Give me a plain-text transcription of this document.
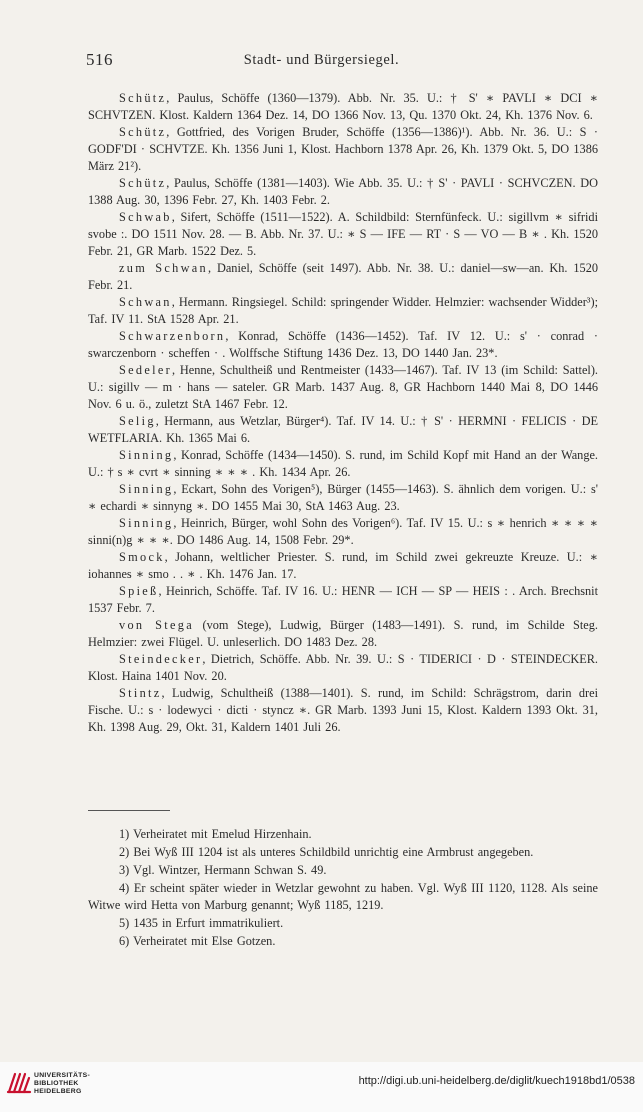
516	Stadt- und Bürgersiegel.

Schütz, Paulus, Schöffe (1360—1379). Abb. Nr. 35. U.: † S' ∗ PAVLI ∗ DCI ∗ SCHVTZEN. Klost. Kaldern 1364 Dez. 14, DO 1366 Nov. 13, Qu. 1370 Okt. 24, Kh. 1376 Nov. 6.

Schütz, Gottfried, des Vorigen Bruder, Schöffe (1356—1386)¹). Abb. Nr. 36. U.: S · GODF'DI · SCHVTZE. Kh. 1356 Juni 1, Klost. Hachborn 1378 Apr. 26, Kh. 1379 Okt. 5, DO 1386 März 21²).

Schütz, Paulus, Schöffe (1381—1403). Wie Abb. 35. U.: † S' · PAVLI · SCHVCZEN. DO 1388 Aug. 30, 1396 Febr. 27, Kh. 1403 Febr. 2.

Schwab, Sifert, Schöffe (1511—1522). A. Schildbild: Sternfünfeck. U.: sigillvm ∗ sifridi svobe :. DO 1511 Nov. 28. — B. Abb. Nr. 37. U.: ∗ S — IFE — RT · S — VO — B ∗ . Kh. 1520 Febr. 21, GR Marb. 1522 Dez. 5.

zum Schwan, Daniel, Schöffe (seit 1497). Abb. Nr. 38. U.: daniel—sw—an. Kh. 1520 Febr. 21.

Schwan, Hermann. Ringsiegel. Schild: springender Widder. Helmzier: wachsender Widder³); Taf. IV 11. StA 1528 Apr. 21.

Schwarzenborn, Konrad, Schöffe (1436—1452). Taf. IV 12. U.: s' · conrad · swarczenborn · scheffen · . Wolffsche Stiftung 1436 Dez. 13, DO 1440 Jan. 23*.

Sedeler, Henne, Schultheiß und Rentmeister (1433—1467). Taf. IV 13 (im Schild: Sattel). U.: sigillv — m · hans — sateler. GR Marb. 1437 Aug. 8, GR Hachborn 1440 Mai 8, DO 1446 Nov. 6 u. ö., zuletzt StA 1467 Febr. 12.

Selig, Hermann, aus Wetzlar, Bürger⁴). Taf. IV 14. U.: † S' · HERMNI · FELICIS · DE WETFLARIA. Kh. 1365 Mai 6.

Sinning, Konrad, Schöffe (1434—1450). S. rund, im Schild Kopf mit Hand an der Wange. U.: † s ∗ cvrt ∗ sinning ∗ ∗ ∗ . Kh. 1434 Apr. 26.

Sinning, Eckart, Sohn des Vorigen⁵), Bürger (1455—1463). S. ähnlich dem vorigen. U.: s' ∗ echardi ∗ sinnyng ∗. DO 1455 Mai 30, StA 1463 Aug. 23.

Sinning, Heinrich, Bürger, wohl Sohn des Vorigen⁶). Taf. IV 15. U.: s ∗ henrich ∗ ∗ ∗ ∗ sinni(n)g ∗ ∗ ∗. DO 1486 Aug. 14, 1508 Febr. 29*.

Smock, Johann, weltlicher Priester. S. rund, im Schild zwei gekreuzte Kreuze. U.: ∗ iohannes ∗ smo . . ∗ . Kh. 1476 Jan. 17.

Spieß, Heinrich, Schöffe. Taf. IV 16. U.: HENR — ICH — SP — HEIS : . Arch. Brechsnit 1537 Febr. 7.

von Stega (vom Stege), Ludwig, Bürger (1483—1491). S. rund, im Schilde Steg. Helmzier: zwei Flügel. U. unleserlich. DO 1483 Dez. 28.

Steindecker, Dietrich, Schöffe. Abb. Nr. 39. U.: S · TIDERICI · D · STEINDECKER. Klost. Haina 1401 Nov. 20.

Stintz, Ludwig, Schultheiß (1388—1401). S. rund, im Schild: Schrägstrom, darin drei Fische. U.: s · lodewyci · dicti · styncz ∗. GR Marb. 1393 Juni 15, Klost. Kaldern 1393 Okt. 31, Kh. 1398 Aug. 29, Okt. 31, Kaldern 1401 Juli 26.

1) Verheiratet mit Emelud Hirzenhain.

2) Bei Wyß III 1204 ist als unteres Schildbild unrichtig eine Armbrust angegeben.

3) Vgl. Wintzer, Hermann Schwan S. 49.

4) Er scheint später wieder in Wetzlar gewohnt zu haben. Vgl. Wyß III 1120, 1128. Als seine Witwe wird Hetta von Marburg genannt; Wyß 1185, 1219.

5) 1435 in Erfurt immatrikuliert.

6) Verheiratet mit Else Gotzen.

UNIVERSITÄTS-
BIBLIOTHEK
HEIDELBERG
http://digi.ub.uni-heidelberg.de/diglit/kuech1918bd1/0538
